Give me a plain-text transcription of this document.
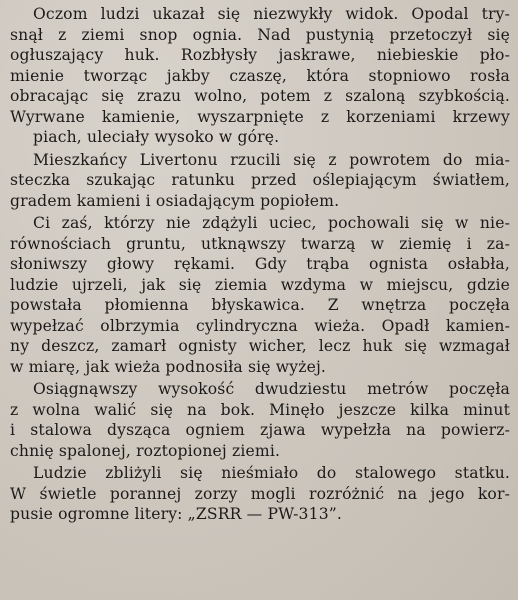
Oczom ludzi ukazał się niezwykły widok. Opodal try-
snął z ziemi snop ognia. Nad pustynią przetoczył się
ogłuszający huk. Rozbłysły jaskrawe, niebieskie pło-
mienie tworząc jakby czaszę, która stopniowo rosła
obracając się zrazu wolno, potem z szaloną szybkością.
Wyrwane kamienie, wyszarpnięte z korzeniami krzewy
piach, uleciały wysoko w górę.

Mieszkańcy Livertonu rzucili się z powrotem do mia-
steczka szukając ratunku przed oślepiającym światłem,
gradem kamieni i osiadającym popiołem.

Ci zaś, którzy nie zdążyli uciec, pochowali się w nie-
równościach gruntu, utknąwszy twarzą w ziemię i za-
słoniwszy głowy rękami. Gdy trąba ognista osłabła,
ludzie ujrzeli, jak się ziemia wzdyma w miejscu, gdzie
powstała płomienna błyskawica. Z wnętrza poczęła
wypełzać olbrzymia cylindryczna wieża. Opadł kamien-
ny deszcz, zamarł ognisty wicher, lecz huk się wzmagał
w miarę, jak wieża podnosiła się wyżej.

Osiągnąwszy wysokość dwudziestu metrów poczęła
z wolna walić się na bok. Minęło jeszcze kilka minut
i stalowa dysząca ogniem zjawa wypełzła na powierz-
chnię spalonej, roztopionej ziemi.

Ludzie zbliżyli się nieśmiało do stalowego statku.
W świetle porannej zorzy mogli rozróżnić na jego kor-
pusie ogromne litery: „ZSRR — PW-313”.
